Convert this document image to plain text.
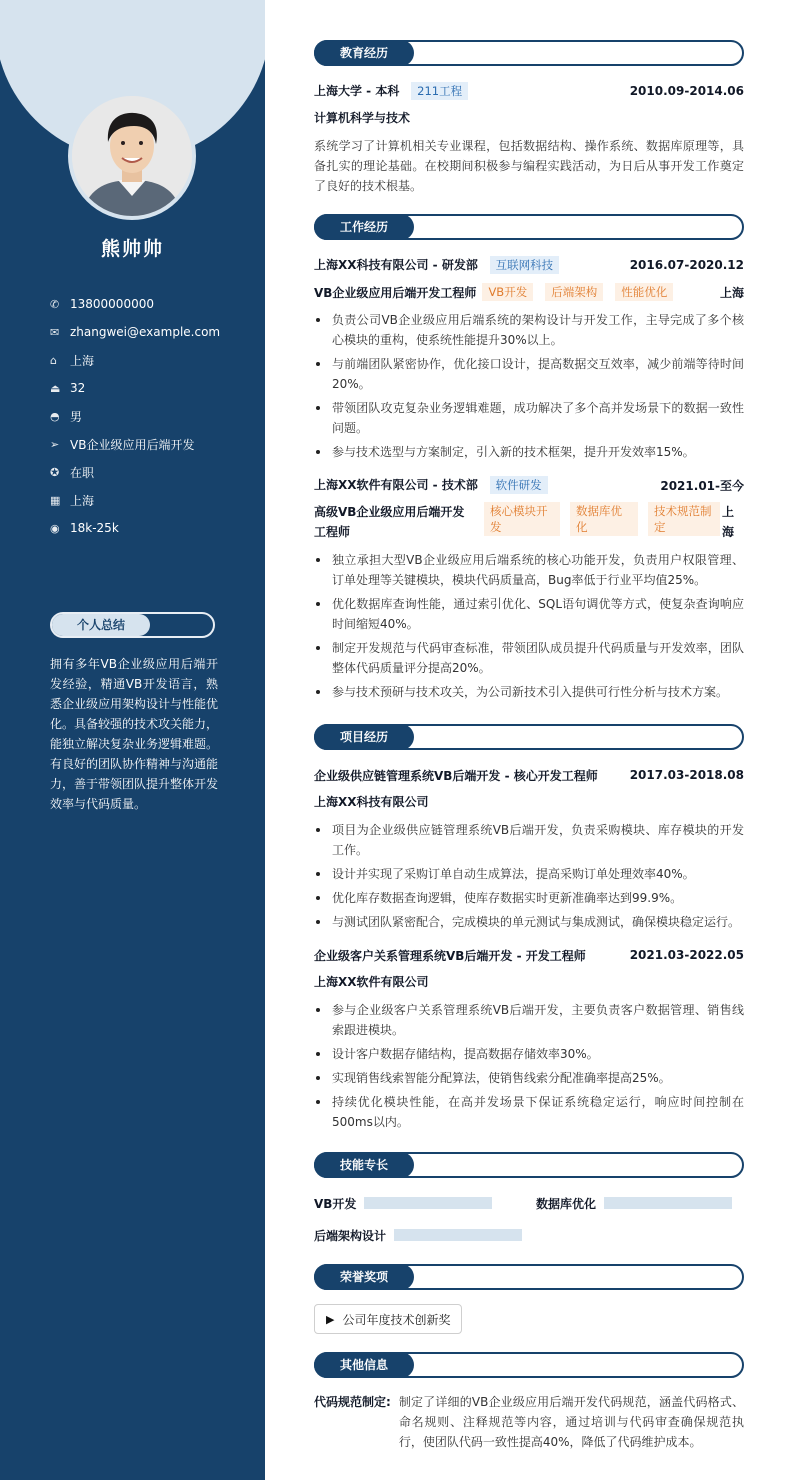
熊帅帅
✆ 13800000000
✉ zhangwei@example.com
⌂	上海
⏏ 32
◓ 男
➢ VB企业级应用后端开发
✪ 在职
▦ 上海
◉ 18k-25k
个人总结
拥有多年VB企业级应用后端开发经验，精通VB开发语言，熟悉企业级应用架构设计与性能优化。具备较强的技术攻关能力，能独立解决复杂业务逻辑难题。有良好的团队协作精神与沟通能力，善于带领团队提升整体开发效率与代码质量。
教育经历
上海大学 - 本科 211工程	2010.09-2014.06
计算机科学与技术
系统学习了计算机相关专业课程，包括数据结构、操作系统、数据库原理等，具备扎实的理论基础。在校期间积极参与编程实践活动，为日后从事开发工作奠定了良好的技术根基。
工作经历
上海XX科技有限公司 - 研发部 互联网科技	2016.07-2020.12
VB企业级应用后端开发工程师	VB开发	后端架构	性能优化	上海
负责公司VB企业级应用后端系统的架构设计与开发工作，主导完成了多个核心模块的重构，使系统性能提升30%以上。
与前端团队紧密协作，优化接口设计，提高数据交互效率，减少前端等待时间20%。
带领团队攻克复杂业务逻辑难题，成功解决了多个高并发场景下的数据一致性问题。
参与技术选型与方案制定，引入新的技术框架，提升开发效率15%。
上海XX软件有限公司 - 技术部 软件研发	2021.01-至今
高级VB企业级应用后端开发工程师
核心模块开发
数据库优化
技术规范制定
上海
独立承担大型VB企业级应用后端系统的核心功能开发，负责用户权限管理、订单处理等关键模块，模块代码质量高，Bug率低于行业平均值25%。
优化数据库查询性能，通过索引优化、SQL语句调优等方式，使复杂查询响应时间缩短40%。
制定开发规范与代码审查标准，带领团队成员提升代码质量与开发效率，团队整体代码质量评分提高20%。
参与技术预研与技术攻关，为公司新技术引入提供可行性分析与技术方案。
项目经历
企业级供应链管理系统VB后端开发 - 核心开发工程师	2017.03-2018.08
上海XX科技有限公司
项目为企业级供应链管理系统VB后端开发，负责采购模块、库存模块的开发工作。
设计并实现了采购订单自动生成算法，提高采购订单处理效率40%。
优化库存数据查询逻辑，使库存数据实时更新准确率达到99.9%。
与测试团队紧密配合，完成模块的单元测试与集成测试，确保模块稳定运行。
企业级客户关系管理系统VB后端开发 - 开发工程师	2021.03-2022.05
上海XX软件有限公司
参与企业级客户关系管理系统VB后端开发，主要负责客户数据管理、销售线索跟进模块。
设计客户数据存储结构，提高数据存储效率30%。
实现销售线索智能分配算法，使销售线索分配准确率提高25%。
持续优化模块性能，在高并发场景下保证系统稳定运行，响应时间控制在500ms以内。
技能专长
VB开发	数据库优化
后端架构设计
荣誉奖项
▶ 公司年度技术创新奖
其他信息
代码规范制定: 制定了详细的VB企业级应用后端开发代码规范，涵盖代码格式、命名规则、注释规范等内容，通过培训与代码审查确保规范执行，使团队代码一致性提高40%，降低了代码维护成本。
